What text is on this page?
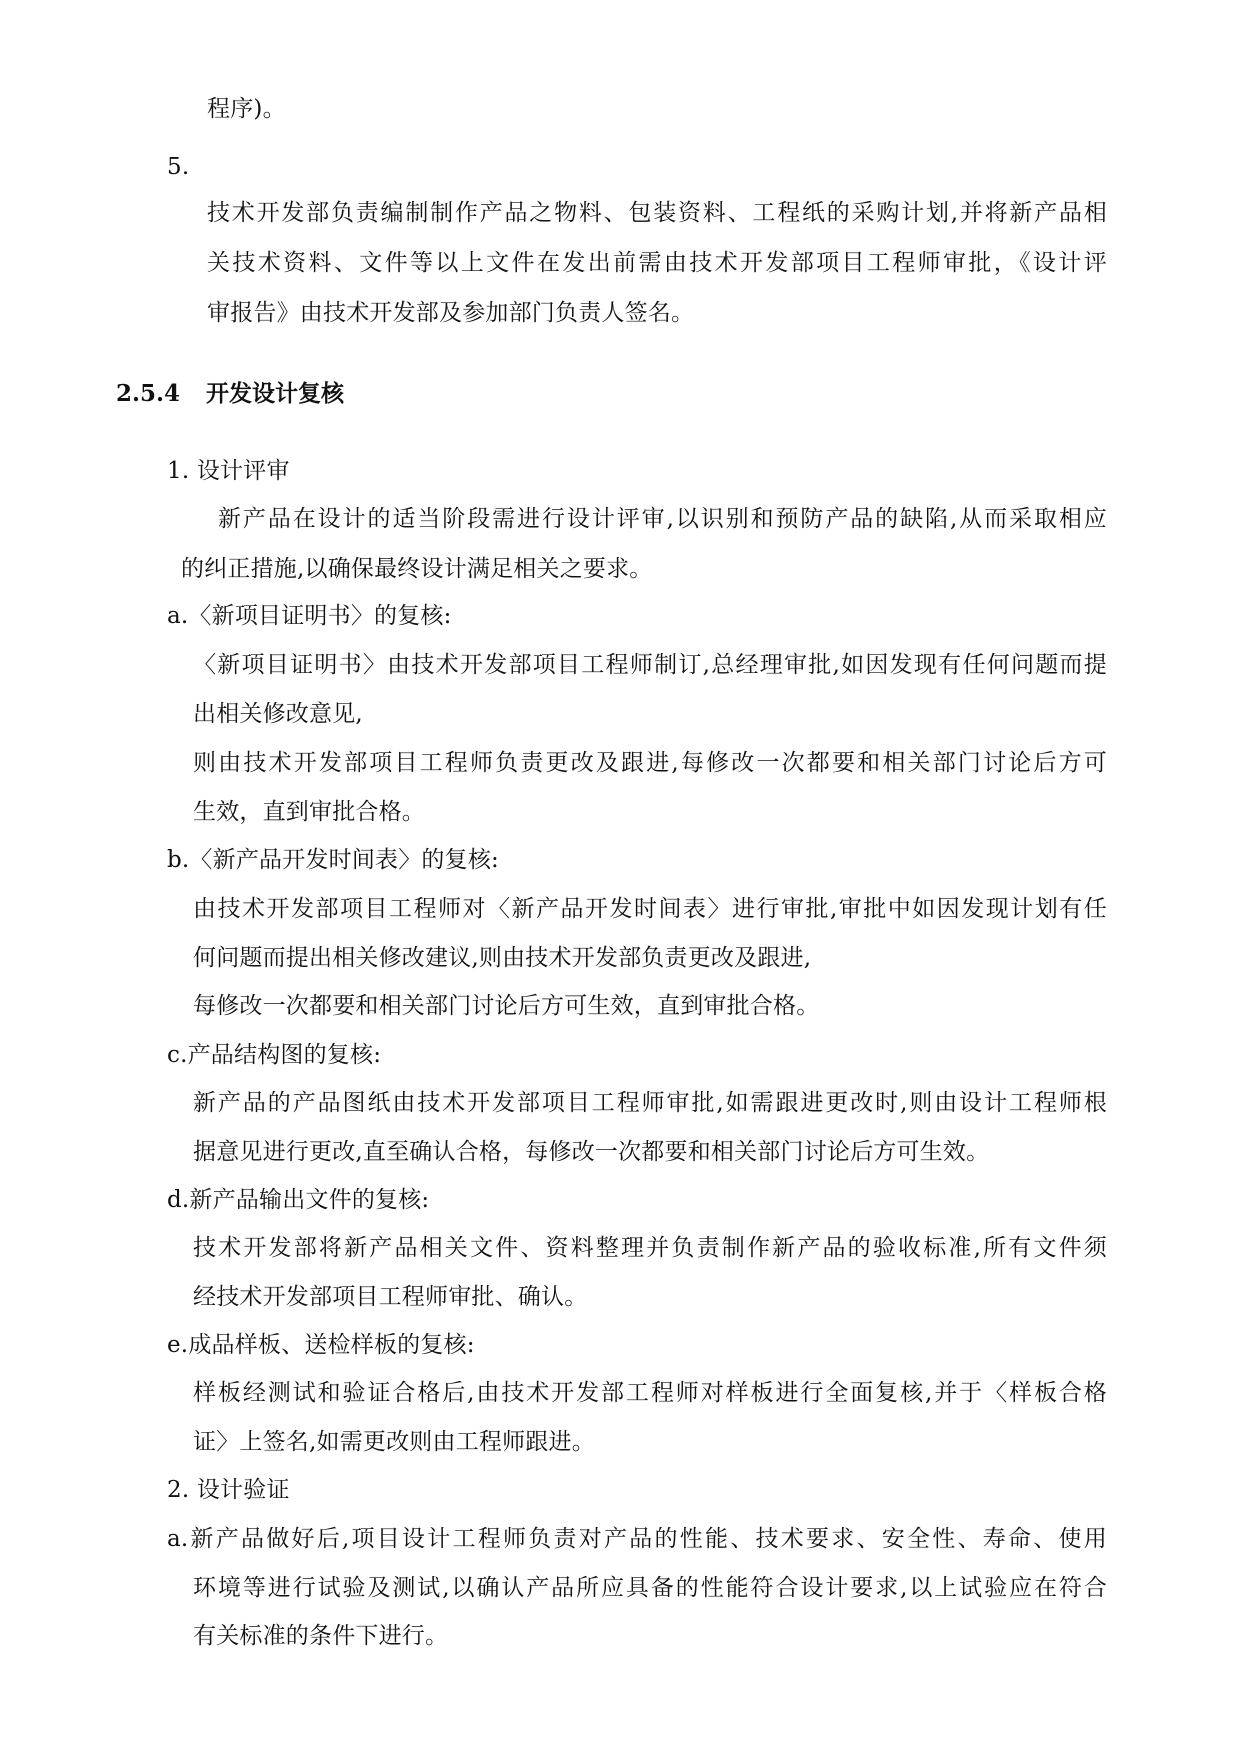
程序)。
5.
技术开发部负责编制制作产品之物料、包装资料、工程纸的采购计划,并将新产品相
关技术资料、文件等以上文件在发出前需由技术开发部项目工程师审批，《设计评
审报告》由技术开发部及参加部门负责人签名。
2.5.4 开发设计复核
1. 设计评审
新产品在设计的适当阶段需进行设计评审,以识别和预防产品的缺陷,从而采取相应
的纠正措施,以确保最终设计满足相关之要求。
a.〈新项目证明书〉的复核:
〈新项目证明书〉由技术开发部项目工程师制订,总经理审批,如因发现有任何问题而提
出相关修改意见,
则由技术开发部项目工程师负责更改及跟进,每修改一次都要和相关部门讨论后方可
生效，直到审批合格。
b.〈新产品开发时间表〉的复核:
由技术开发部项目工程师对〈新产品开发时间表〉进行审批,审批中如因发现计划有任
何问题而提出相关修改建议,则由技术开发部负责更改及跟进,
每修改一次都要和相关部门讨论后方可生效，直到审批合格。
c.产品结构图的复核:
新产品的产品图纸由技术开发部项目工程师审批,如需跟进更改时,则由设计工程师根
据意见进行更改,直至确认合格，每修改一次都要和相关部门讨论后方可生效。
d.新产品输出文件的复核:
技术开发部将新产品相关文件、资料整理并负责制作新产品的验收标准,所有文件须
经技术开发部项目工程师审批、确认。
e.成品样板、送检样板的复核:
样板经测试和验证合格后,由技术开发部工程师对样板进行全面复核,并于〈样板合格
证〉上签名,如需更改则由工程师跟进。
2. 设计验证
a.新产品做好后,项目设计工程师负责对产品的性能、技术要求、安全性、寿命、使用
环境等进行试验及测试,以确认产品所应具备的性能符合设计要求,以上试验应在符合
有关标准的条件下进行。
